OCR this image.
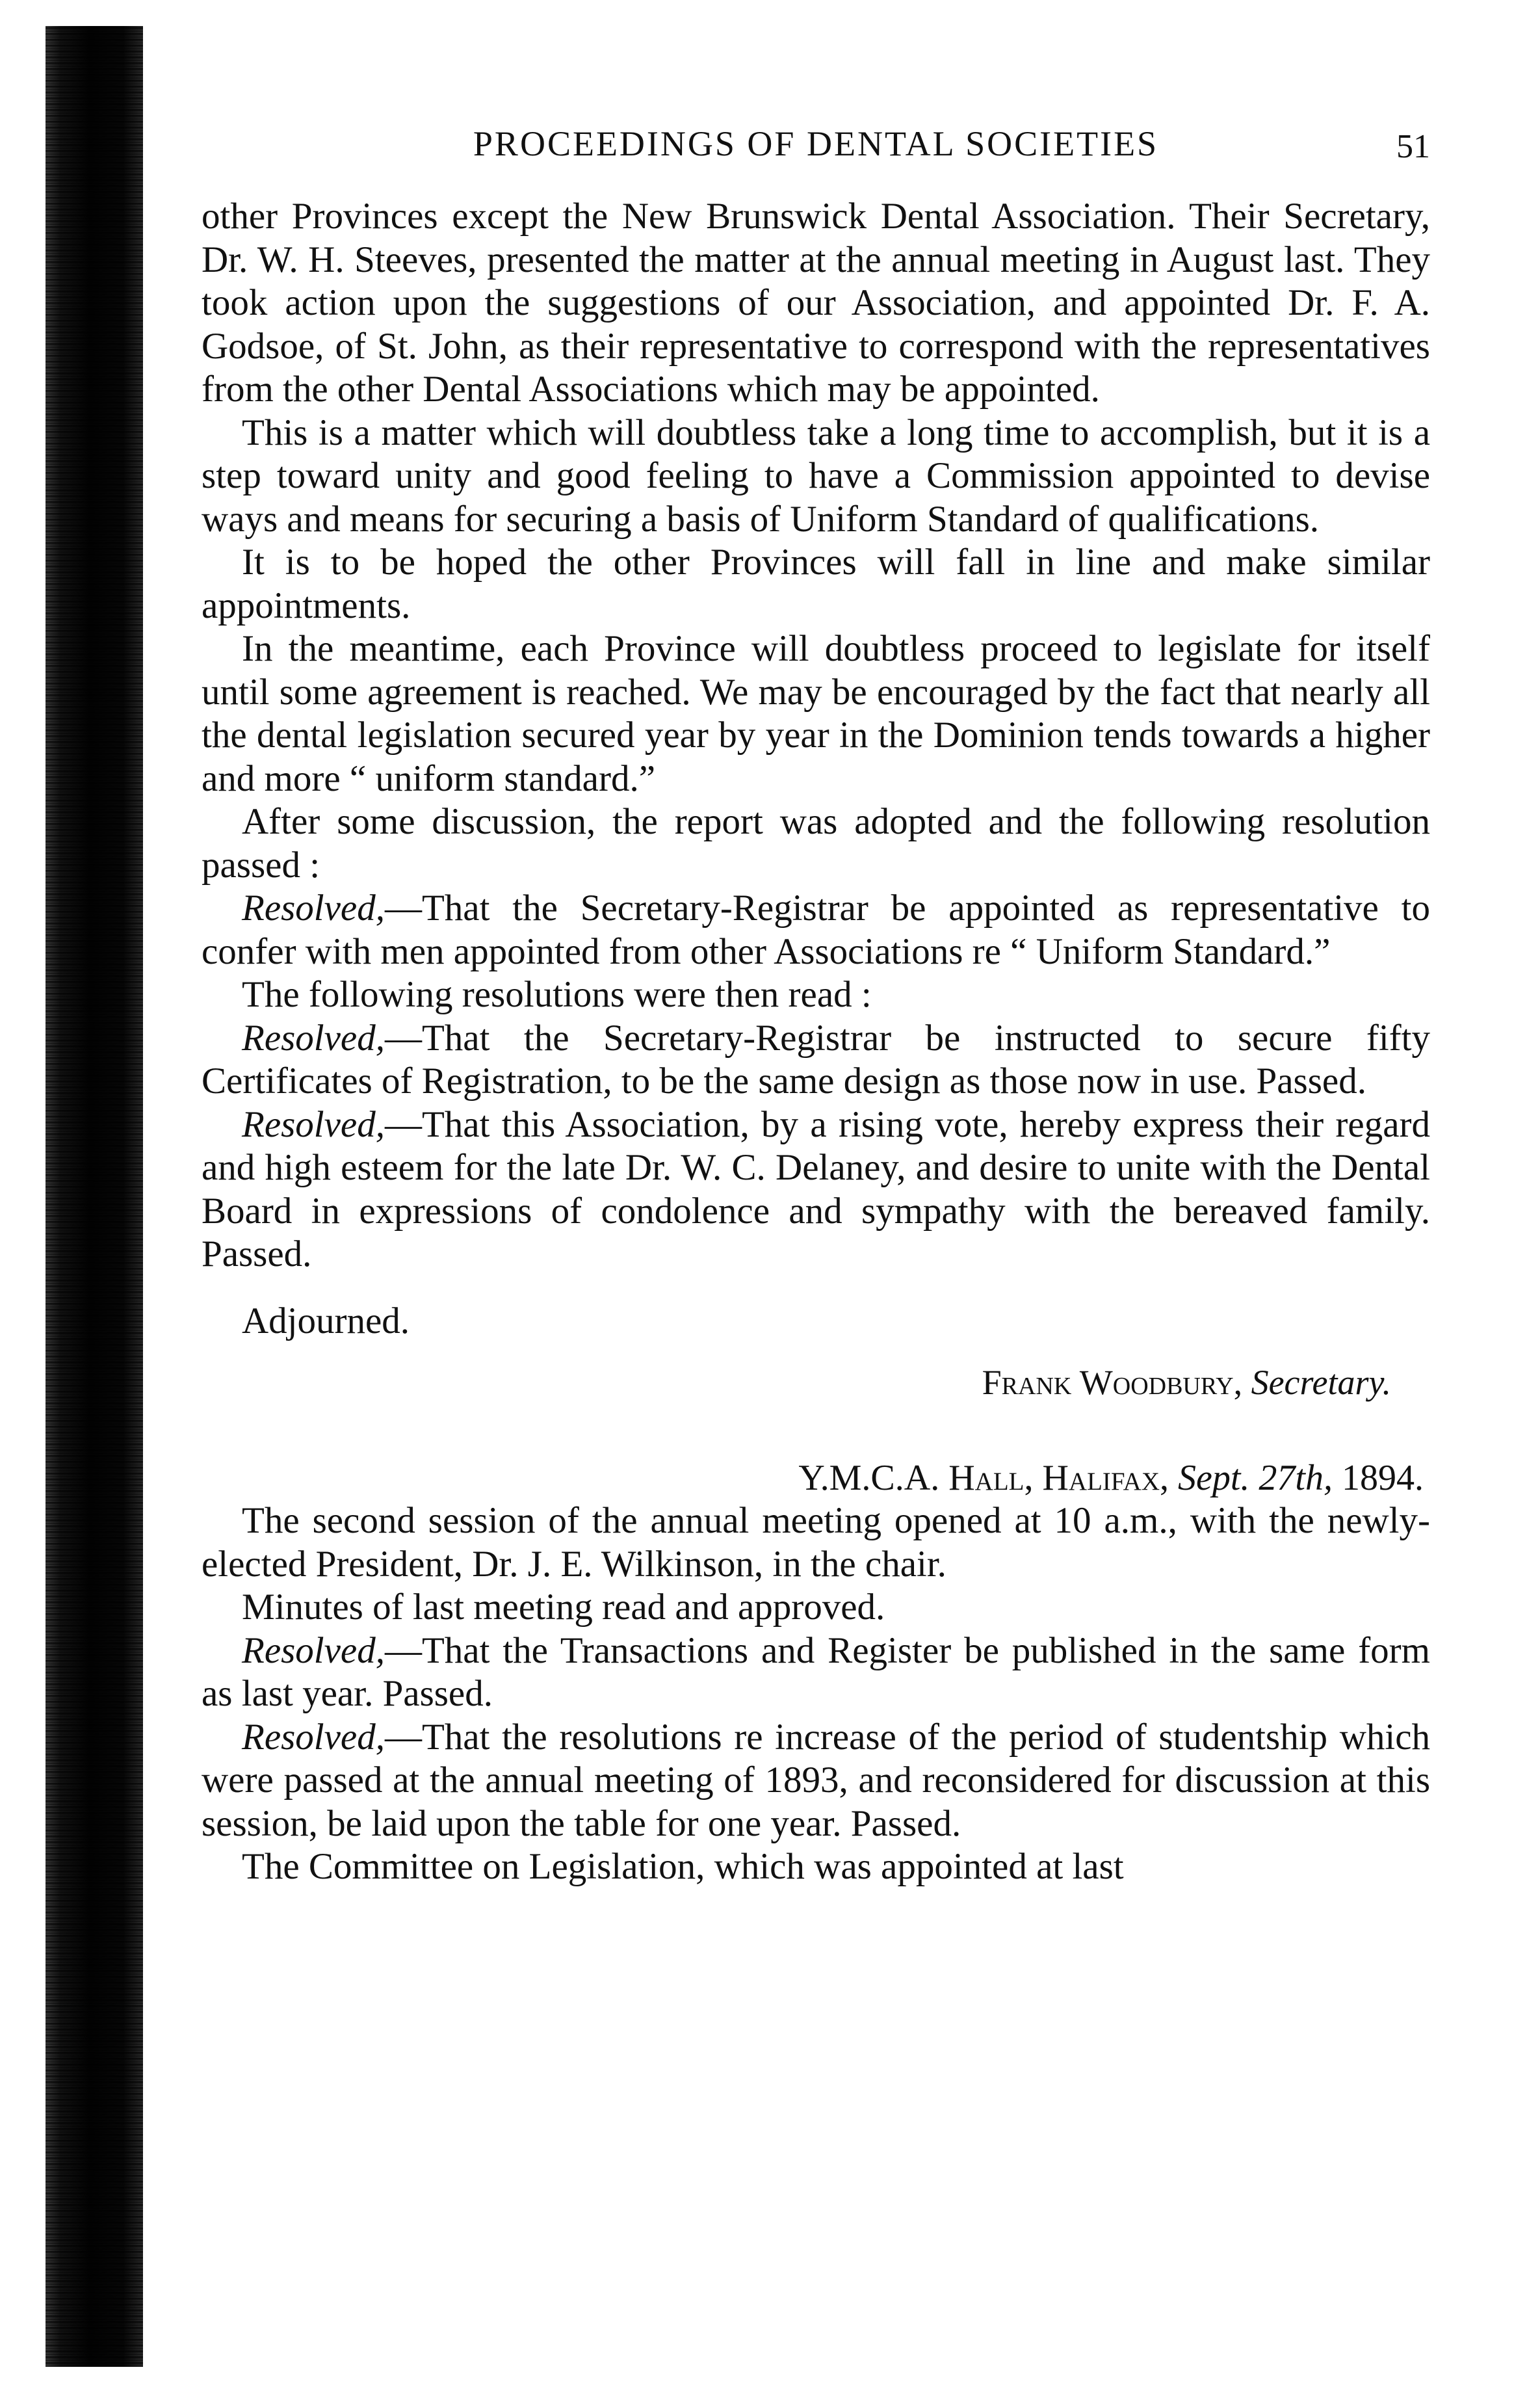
PROCEEDINGS OF DENTAL SOCIETIES	51

other Provinces except the New Brunswick Dental Association. Their Secretary, Dr. W. H. Steeves, presented the matter at the annual meeting in August last. They took action upon the suggestions of our Association, and appointed Dr. F. A. Godsoe, of St. John, as their representative to correspond with the representatives from the other Dental Associations which may be appointed.

This is a matter which will doubtless take a long time to accomplish, but it is a step toward unity and good feeling to have a Commission appointed to devise ways and means for securing a basis of Uniform Standard of qualifications.

It is to be hoped the other Provinces will fall in line and make similar appointments.

In the meantime, each Province will doubtless proceed to legislate for itself until some agreement is reached. We may be encouraged by the fact that nearly all the dental legislation secured year by year in the Dominion tends towards a higher and more “ uniform standard.”

After some discussion, the report was adopted and the following resolution passed :

Resolved,—That the Secretary-Registrar be appointed as representative to confer with men appointed from other Associations re “ Uniform Standard.”

The following resolutions were then read :

Resolved,—That the Secretary-Registrar be instructed to secure fifty Certificates of Registration, to be the same design as those now in use. Passed.

Resolved,—That this Association, by a rising vote, hereby express their regard and high esteem for the late Dr. W. C. Delaney, and desire to unite with the Dental Board in expressions of condolence and sympathy with the bereaved family. Passed.

Adjourned.

Frank Woodbury, Secretary.
Y.M.C.A. Hall, Halifax, Sept. 27th, 1894.

The second session of the annual meeting opened at 10 a.m., with the newly-elected President, Dr. J. E. Wilkinson, in the chair.

Minutes of last meeting read and approved.

Resolved,—That the Transactions and Register be published in the same form as last year. Passed.

Resolved,—That the resolutions re increase of the period of studentship which were passed at the annual meeting of 1893, and reconsidered for discussion at this session, be laid upon the table for one year. Passed.

The Committee on Legislation, which was appointed at last
